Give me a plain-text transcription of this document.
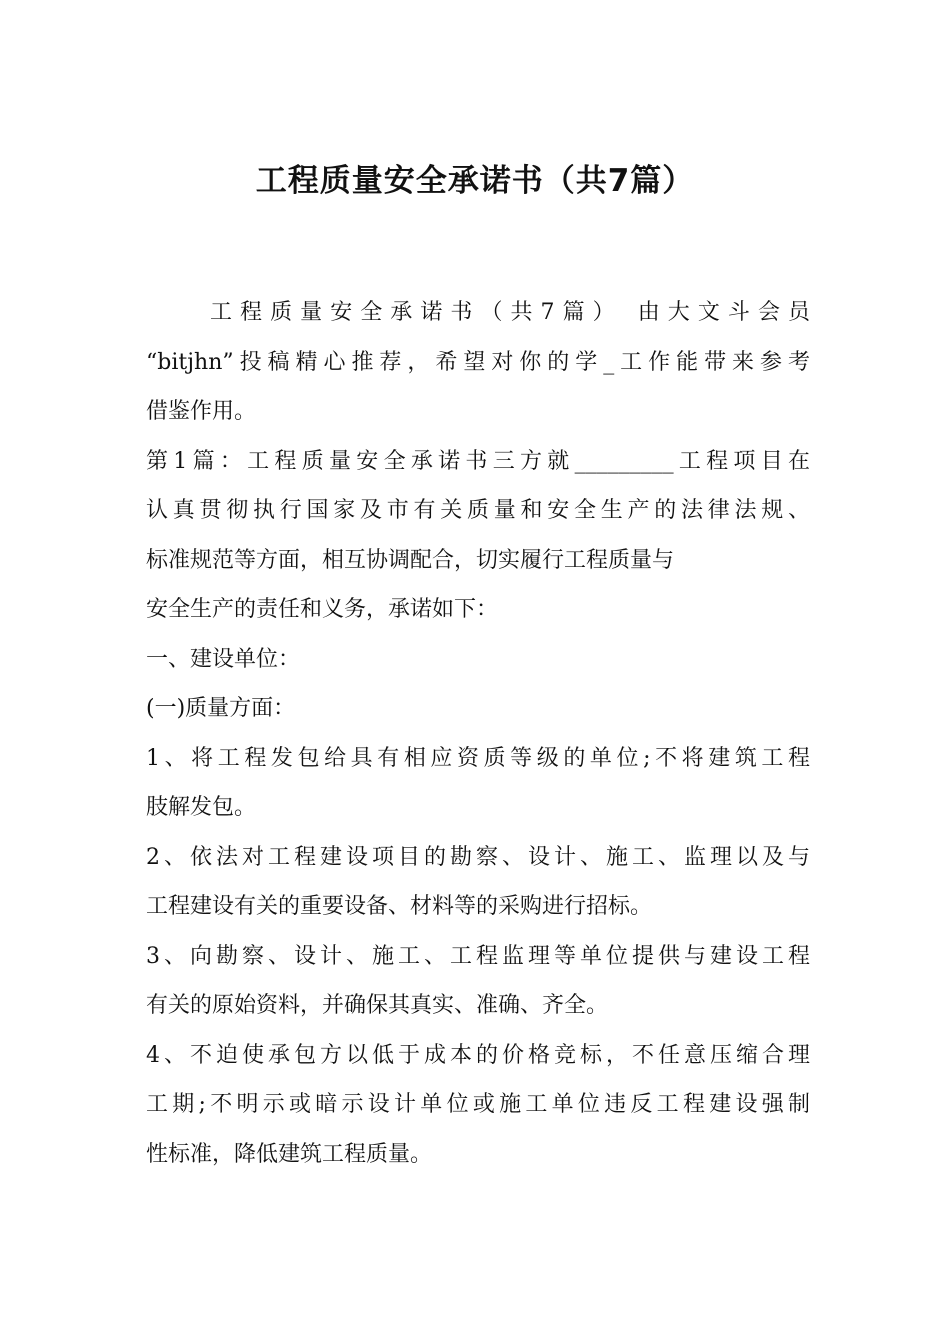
工程质量安全承诺书（共7篇）
工程质量安全承诺书（共7篇） 由大文斗会员
“bitjhn”投稿精心推荐，希望对你的学_工作能带来参考
借鉴作用。
第1篇：工程质量安全承诺书三方就_________工程项目在
认真贯彻执行国家及市有关质量和安全生产的法律法规、
标准规范等方面，相互协调配合，切实履行工程质量与
安全生产的责任和义务，承诺如下：
一、建设单位：
(一)质量方面：
1、将工程发包给具有相应资质等级的单位;不将建筑工程
肢解发包。
2、依法对工程建设项目的勘察、设计、施工、监理以及与
工程建设有关的重要设备、材料等的采购进行招标。
3、向勘察、设计、施工、工程监理等单位提供与建设工程
有关的原始资料，并确保其真实、准确、齐全。
4、不迫使承包方以低于成本的价格竞标，不任意压缩合理
工期;不明示或暗示设计单位或施工单位违反工程建设强制
性标准，降低建筑工程质量。
